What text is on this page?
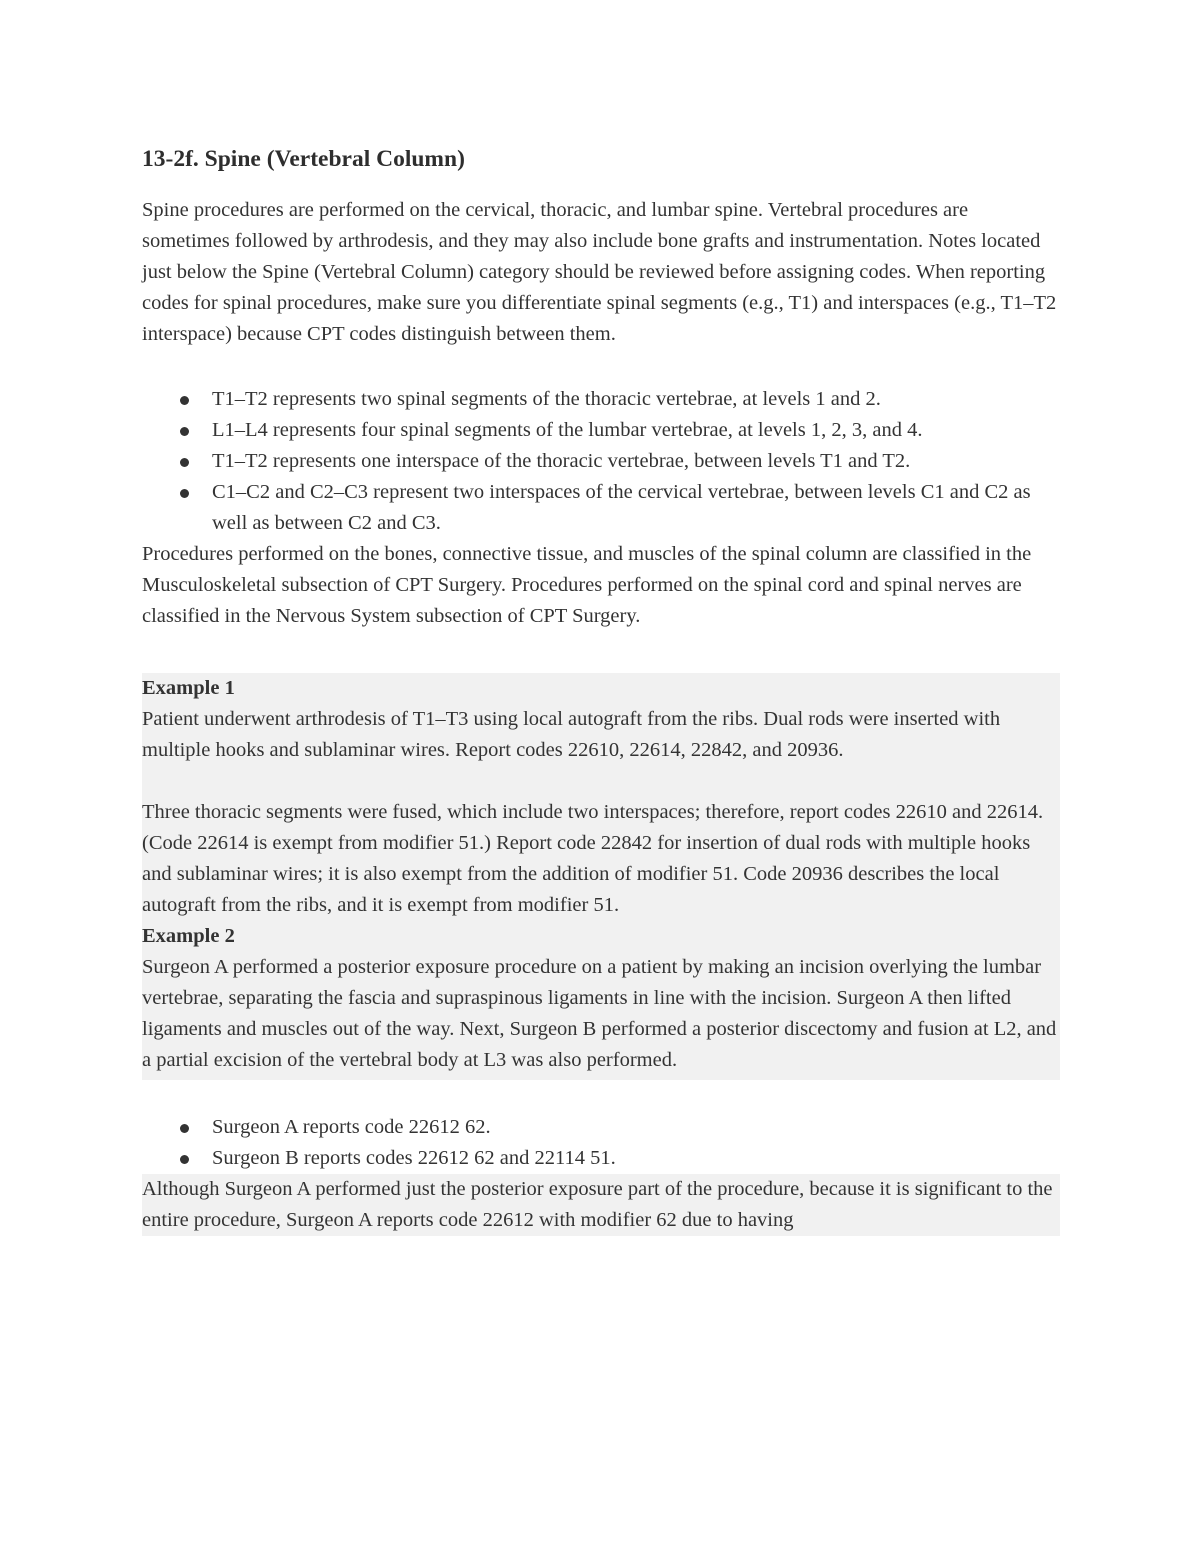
13-2f. Spine (Vertebral Column)

Spine procedures are performed on the cervical, thoracic, and lumbar spine. Vertebral procedures are sometimes followed by arthrodesis, and they may also include bone grafts and instrumentation. Notes located just below the Spine (Vertebral Column) category should be reviewed before assigning codes. When reporting codes for spinal procedures, make sure you differentiate spinal segments (e.g., T1) and interspaces (e.g., T1–T2 interspace) because CPT codes distinguish between them.

T1–T2 represents two spinal segments of the thoracic vertebrae, at levels 1 and 2.
L1–L4 represents four spinal segments of the lumbar vertebrae, at levels 1, 2, 3, and 4.
T1–T2 represents one interspace of the thoracic vertebrae, between levels T1 and T2.
C1–C2 and C2–C3 represent two interspaces of the cervical vertebrae, between levels C1 and C2 as well as between C2 and C3.

Procedures performed on the bones, connective tissue, and muscles of the spinal column are classified in the Musculoskeletal subsection of CPT Surgery. Procedures performed on the spinal cord and spinal nerves are classified in the Nervous System subsection of CPT Surgery.

Example 1

Patient underwent arthrodesis of T1–T3 using local autograft from the ribs. Dual rods were inserted with multiple hooks and sublaminar wires. Report codes 22610, 22614, 22842, and 20936.

Three thoracic segments were fused, which include two interspaces; therefore, report codes 22610 and 22614. (Code 22614 is exempt from modifier 51.) Report code 22842 for insertion of dual rods with multiple hooks and sublaminar wires; it is also exempt from the addition of modifier 51. Code 20936 describes the local autograft from the ribs, and it is exempt from modifier 51.

Example 2

Surgeon A performed a posterior exposure procedure on a patient by making an incision overlying the lumbar vertebrae, separating the fascia and supraspinous ligaments in line with the incision. Surgeon A then lifted ligaments and muscles out of the way. Next, Surgeon B performed a posterior discectomy and fusion at L2, and a partial excision of the vertebral body at L3 was also performed.

Surgeon A reports code 22612 62.
Surgeon B reports codes 22612 62 and 22114 51.

Although Surgeon A performed just the posterior exposure part of the procedure, because it is significant to the entire procedure, Surgeon A reports code 22612 with modifier 62 due to having
